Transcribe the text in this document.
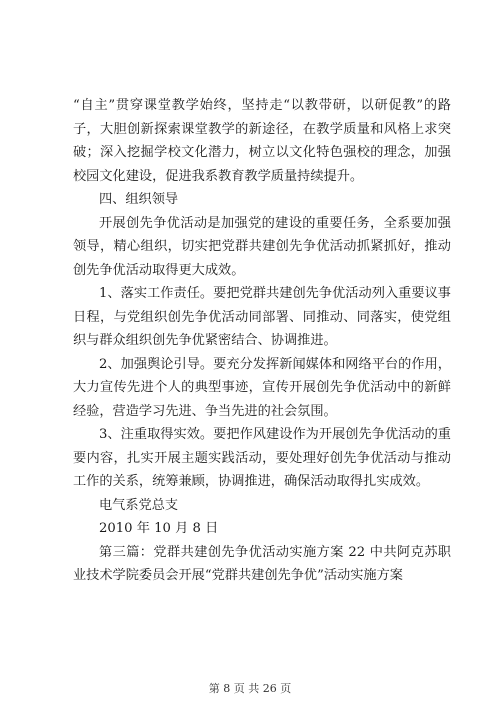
“自主”贯穿课堂教学始终，坚持走“以教带研，以研促教”的路子，大胆创新探索课堂教学的新途径，在教学质量和风格上求突破；深入挖掘学校文化潜力，树立以文化特色强校的理念，加强校园文化建设，促进我系教育教学质量持续提升。

四、组织领导

开展创先争优活动是加强党的建设的重要任务，全系要加强领导，精心组织，切实把党群共建创先争优活动抓紧抓好，推动创先争优活动取得更大成效。

1、落实工作责任。要把党群共建创先争优活动列入重要议事日程，与党组织创先争优活动同部署、同推动、同落实，使党组织与群众组织创先争优紧密结合、协调推进。

2、加强舆论引导。要充分发挥新闻媒体和网络平台的作用，大力宣传先进个人的典型事迹，宣传开展创先争优活动中的新鲜经验，营造学习先进、争当先进的社会氛围。

3、注重取得实效。要把作风建设作为开展创先争优活动的重要内容，扎实开展主题实践活动，要处理好创先争优活动与推动工作的关系，统筹兼顾，协调推进，确保活动取得扎实成效。

电气系党总支

2010 年 10 月 8 日

第三篇：党群共建创先争优活动实施方案 22 中共阿克苏职业技术学院委员会开展“党群共建创先争优”活动实施方案

第 8 页 共 26 页
